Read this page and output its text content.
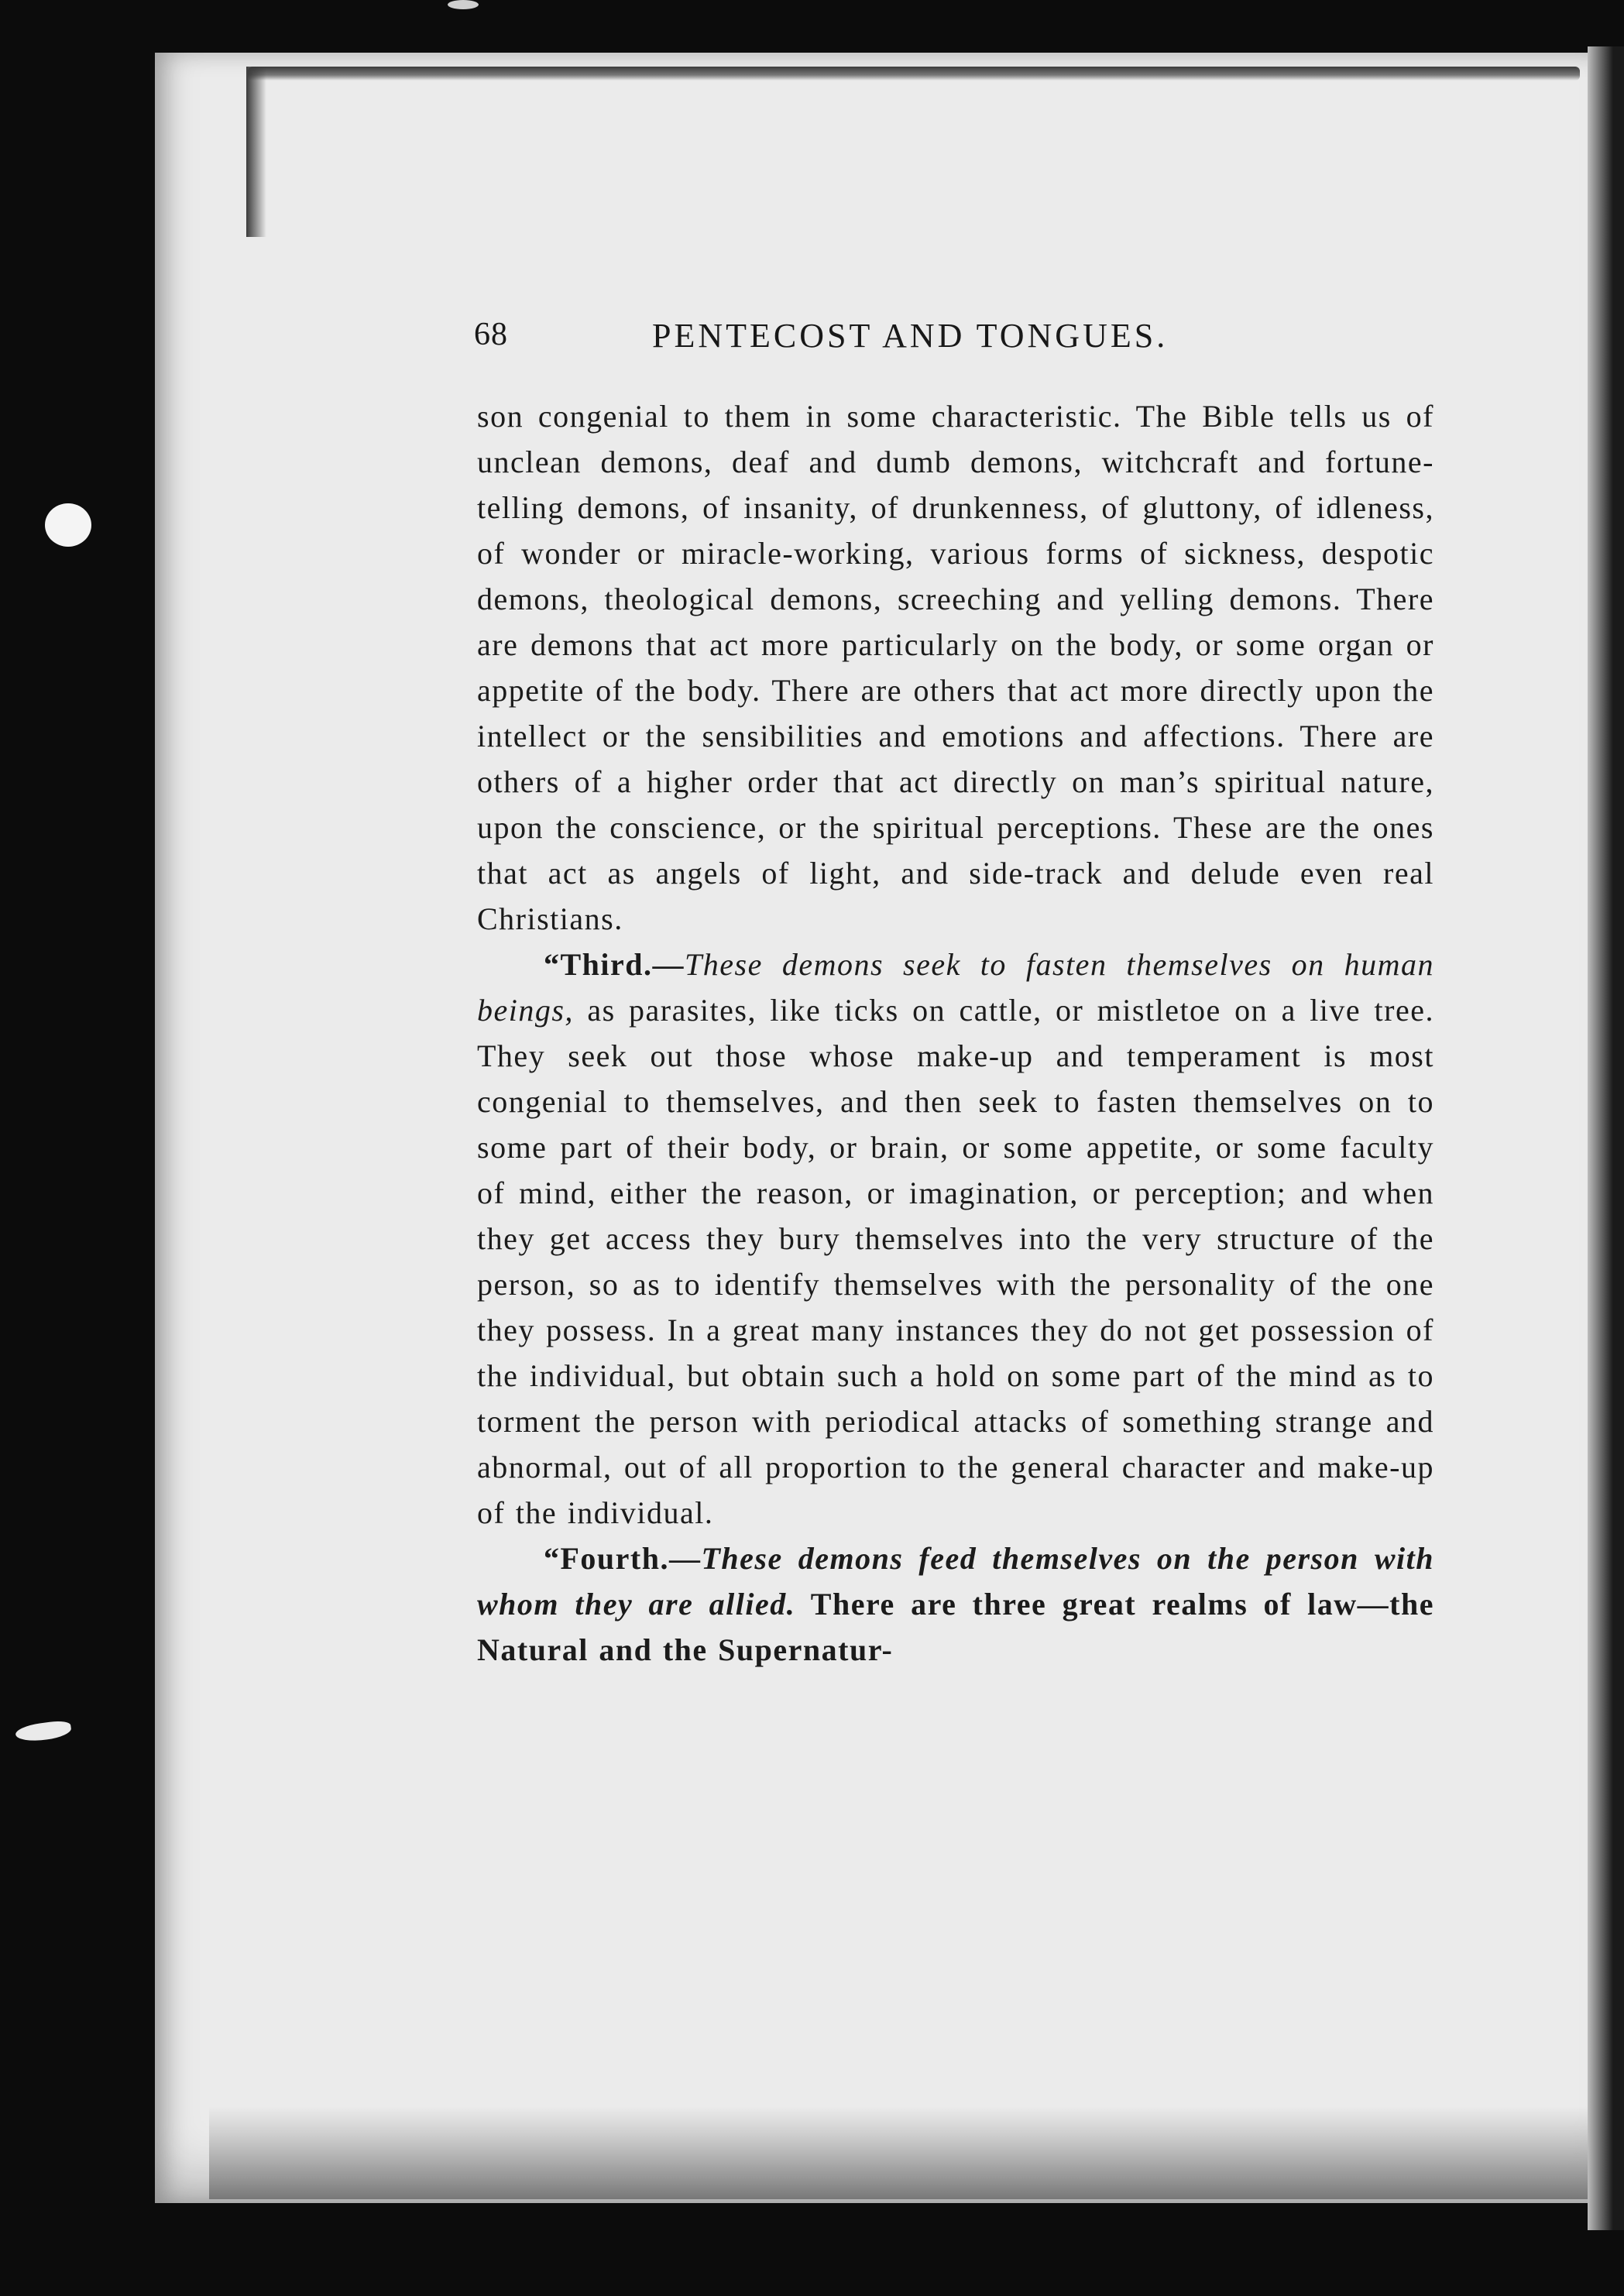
68	PENTECOST AND TONGUES.

son congenial to them in some characteristic. The Bible tells us of unclean demons, deaf and dumb demons, witchcraft and fortune-telling demons, of insanity, of drunkenness, of gluttony, of idleness, of wonder or miracle-working, various forms of sickness, despotic demons, theological demons, screeching and yelling demons. There are demons that act more particularly on the body, or some organ or appetite of the body. There are others that act more directly upon the intellect or the sensibilities and emotions and affections. There are others of a higher order that act directly on man’s spiritual nature, upon the conscience, or the spiritual perceptions. These are the ones that act as angels of light, and side-track and delude even real Christians.

“Third.—These demons seek to fasten themselves on human beings, as parasites, like ticks on cattle, or mistletoe on a live tree. They seek out those whose make-up and temperament is most congenial to themselves, and then seek to fasten themselves on to some part of their body, or brain, or some appetite, or some faculty of mind, either the reason, or imagination, or perception; and when they get access they bury themselves into the very structure of the person, so as to identify themselves with the personality of the one they possess. In a great many instances they do not get possession of the individual, but obtain such a hold on some part of the mind as to torment the person with periodical attacks of something strange and abnormal, out of all proportion to the general character and make-up of the individual.

“Fourth.—These demons feed themselves on the person with whom they are allied. There are three great realms of law—the Natural and the Supernatur-
